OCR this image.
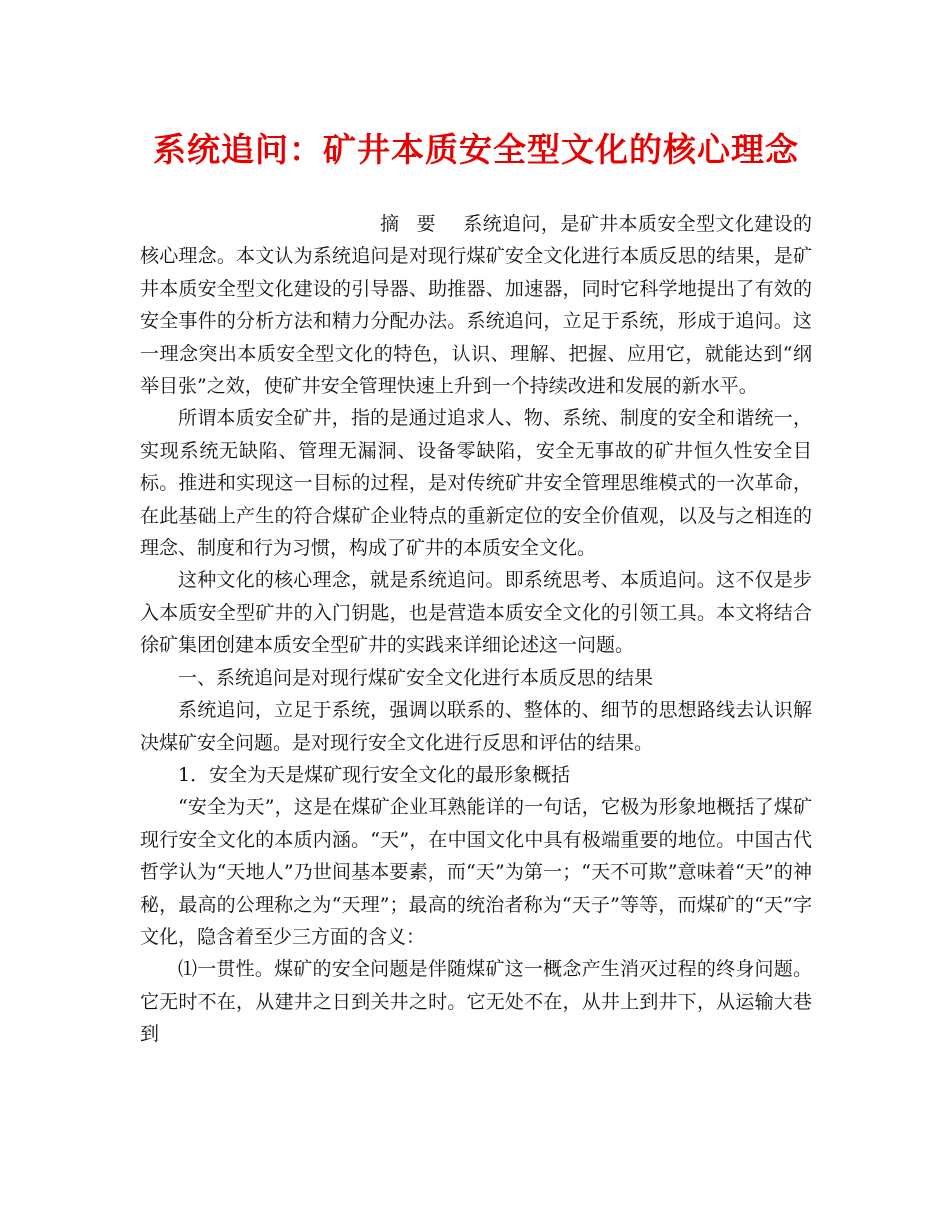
系统追问：矿井本质安全型文化的核心理念

摘要 系统追问，是矿井本质安全型文化建设的核心理念。本文认为系统追问是对现行煤矿安全文化进行本质反思的结果，是矿井本质安全型文化建设的引导器、助推器、加速器，同时它科学地提出了有效的安全事件的分析方法和精力分配办法。系统追问，立足于系统，形成于追问。这一理念突出本质安全型文化的特色，认识、理解、把握、应用它，就能达到“纲举目张”之效，使矿井安全管理快速上升到一个持续改进和发展的新水平。

所谓本质安全矿井，指的是通过追求人、物、系统、制度的安全和谐统一，实现系统无缺陷、管理无漏洞、设备零缺陷，安全无事故的矿井恒久性安全目标。推进和实现这一目标的过程，是对传统矿井安全管理思维模式的一次革命，在此基础上产生的符合煤矿企业特点的重新定位的安全价值观，以及与之相连的理念、制度和行为习惯，构成了矿井的本质安全文化。

这种文化的核心理念，就是系统追问。即系统思考、本质追问。这不仅是步入本质安全型矿井的入门钥匙，也是营造本质安全文化的引领工具。本文将结合徐矿集团创建本质安全型矿井的实践来详细论述这一问题。

一、系统追问是对现行煤矿安全文化进行本质反思的结果

系统追问，立足于系统，强调以联系的、整体的、细节的思想路线去认识解决煤矿安全问题。是对现行安全文化进行反思和评估的结果。

1．安全为天是煤矿现行安全文化的最形象概括

“安全为天”，这是在煤矿企业耳熟能详的一句话，它极为形象地概括了煤矿现行安全文化的本质内涵。“天”，在中国文化中具有极端重要的地位。中国古代哲学认为“天地人”乃世间基本要素，而“天”为第一；“天不可欺”意味着“天”的神秘，最高的公理称之为“天理”；最高的统治者称为“天子”等等，而煤矿的“天”字文化，隐含着至少三方面的含义：

⑴一贯性。煤矿的安全问题是伴随煤矿这一概念产生消灭过程的终身问题。它无时不在，从建井之日到关井之时。它无处不在，从井上到井下，从运输大巷到
